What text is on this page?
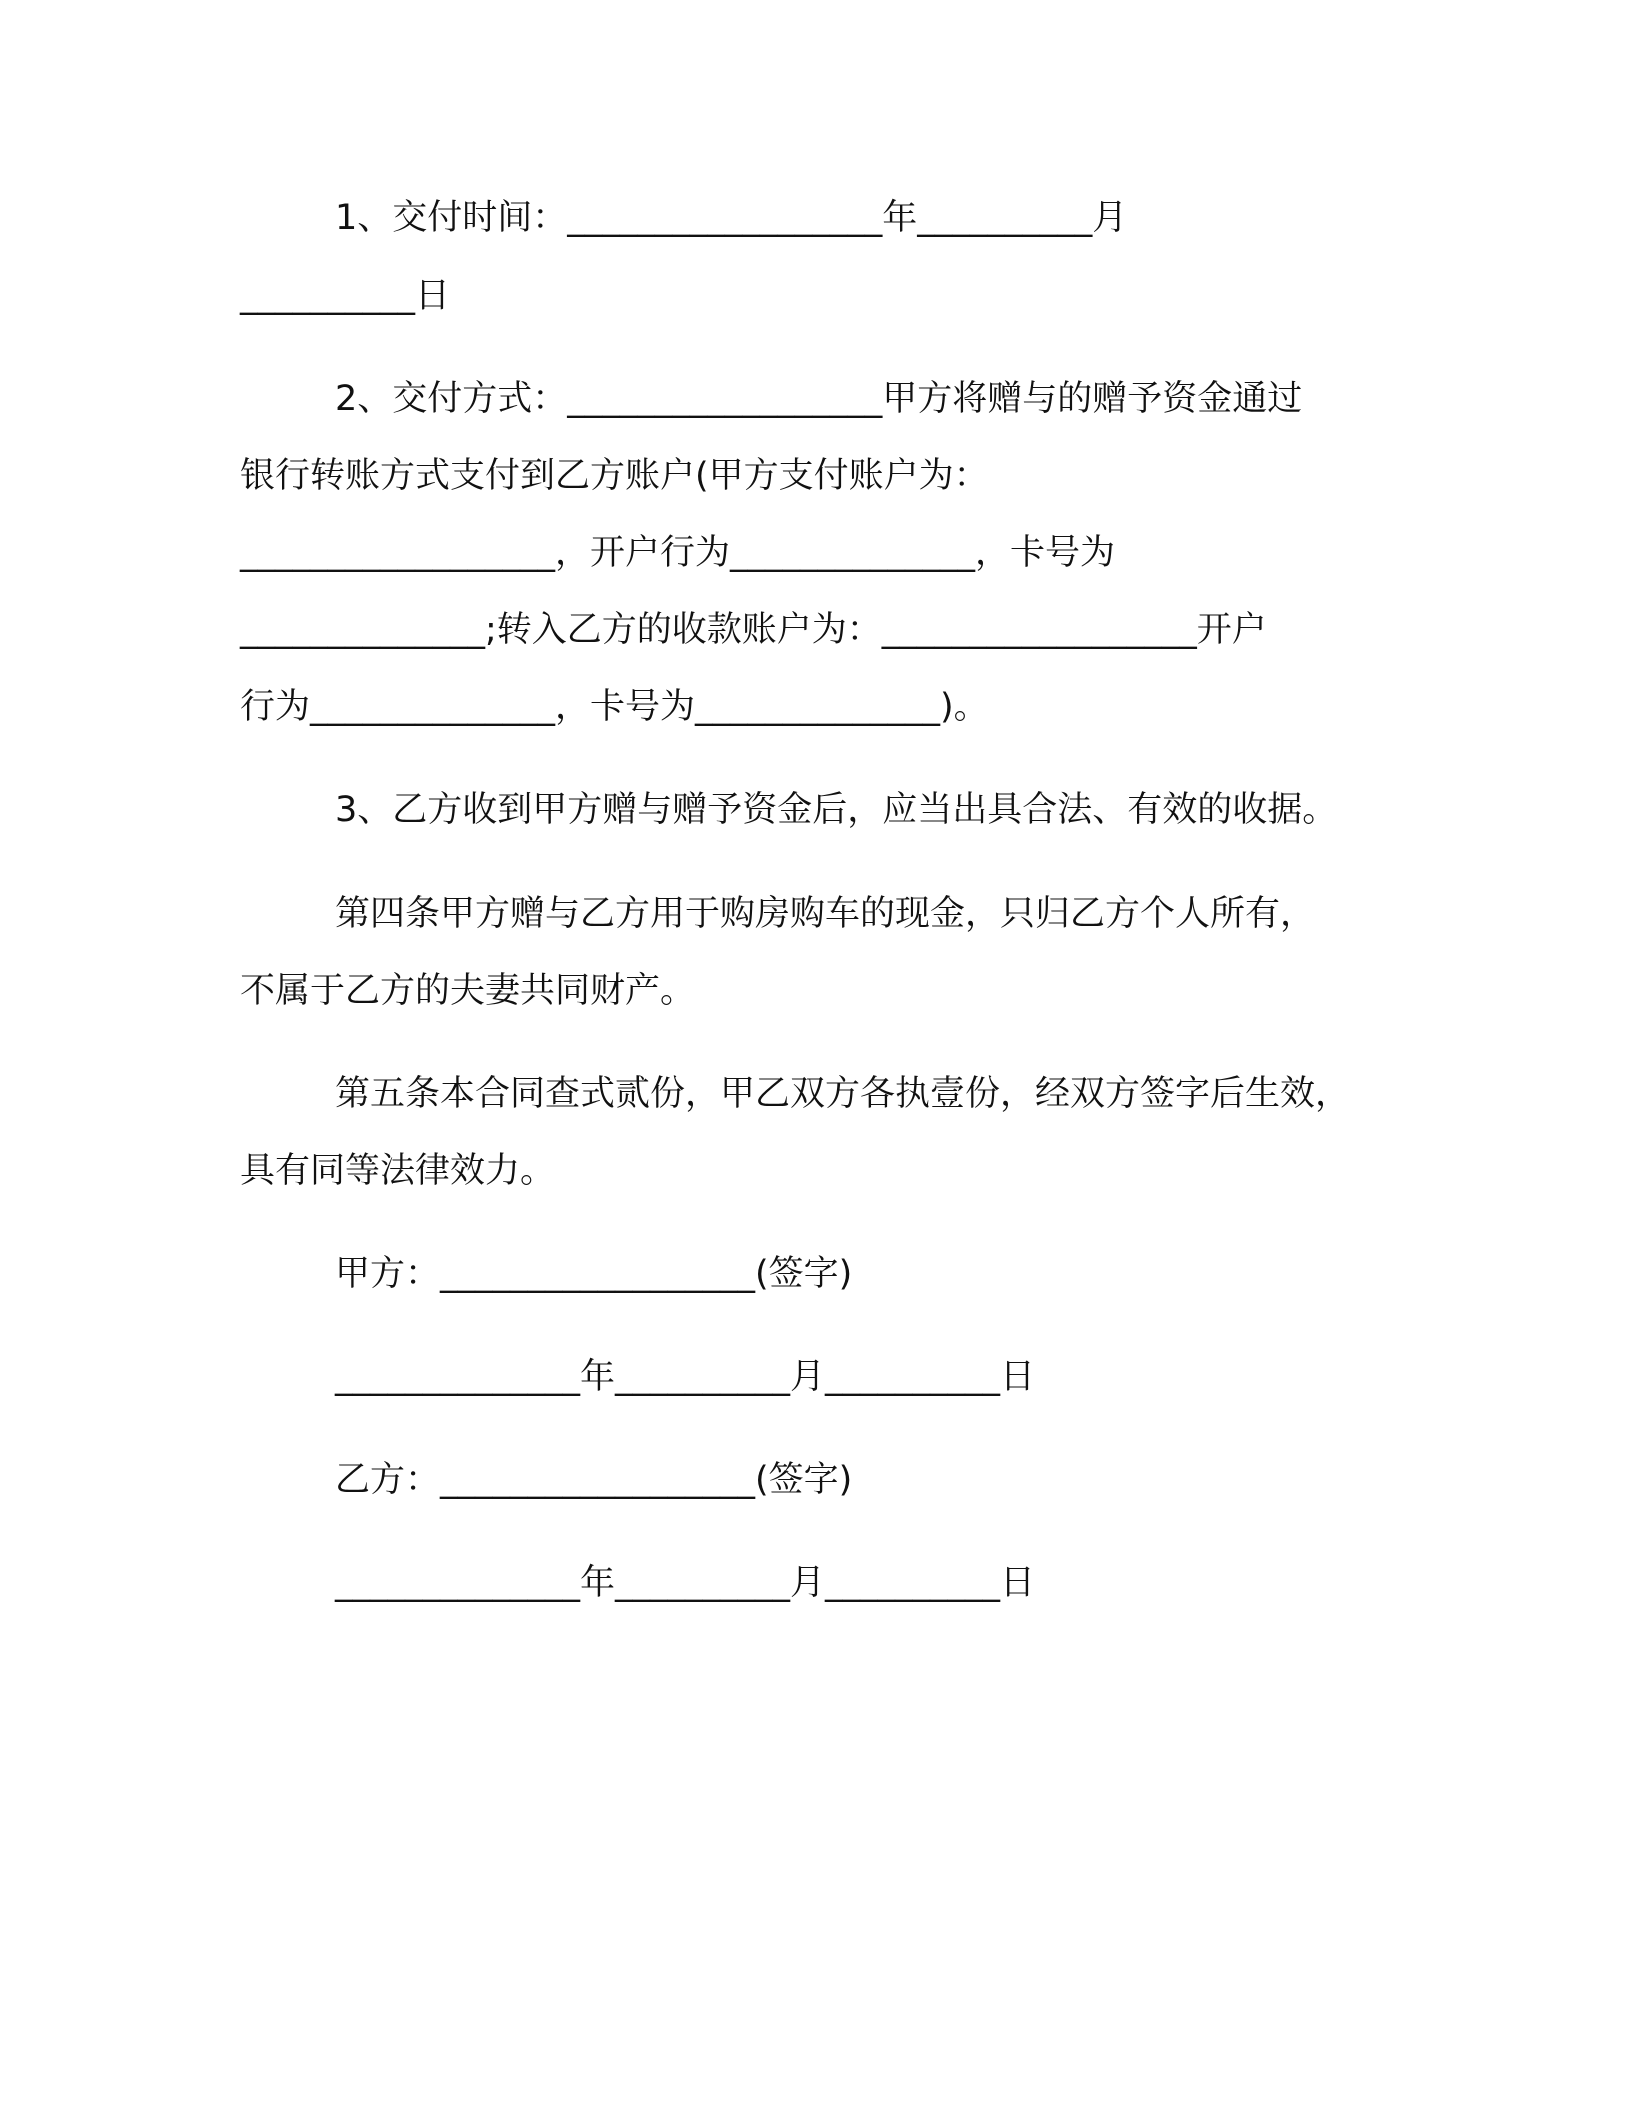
1、交付时间：__________________年__________月
__________日
2、交付方式：__________________甲方将赠与的赠予资金通过
银行转账方式支付到乙方账户(甲方支付账户为：
__________________，开户行为______________，卡号为
______________;转入乙方的收款账户为：__________________开户
行为______________，卡号为______________)。
3、乙方收到甲方赠与赠予资金后，应当出具合法、有效的收据。
第四条甲方赠与乙方用于购房购车的现金，只归乙方个人所有，
不属于乙方的夫妻共同财产。
第五条本合同查式贰份，甲乙双方各执壹份，经双方签字后生效，
具有同等法律效力。
甲方：__________________(签字)
______________年__________月__________日
乙方：__________________(签字)
______________年__________月__________日
